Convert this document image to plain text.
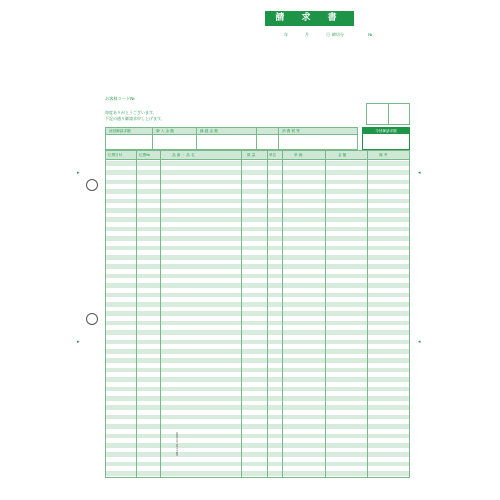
請 求 書
年	月	日 締切分	№
お客様コード№
毎度ありがとうございます。
下記の通り御請求申し上げます。
前回御請求額	御 入 金 額	繰 越 金 額	消 費 税 等	今回御請求額
伝票日付	伝票№	品 番 ・ 品 名	数 量	単位	単 価	金 額	備 考
GB1140-4/1090
▸	◂
▸	◂
